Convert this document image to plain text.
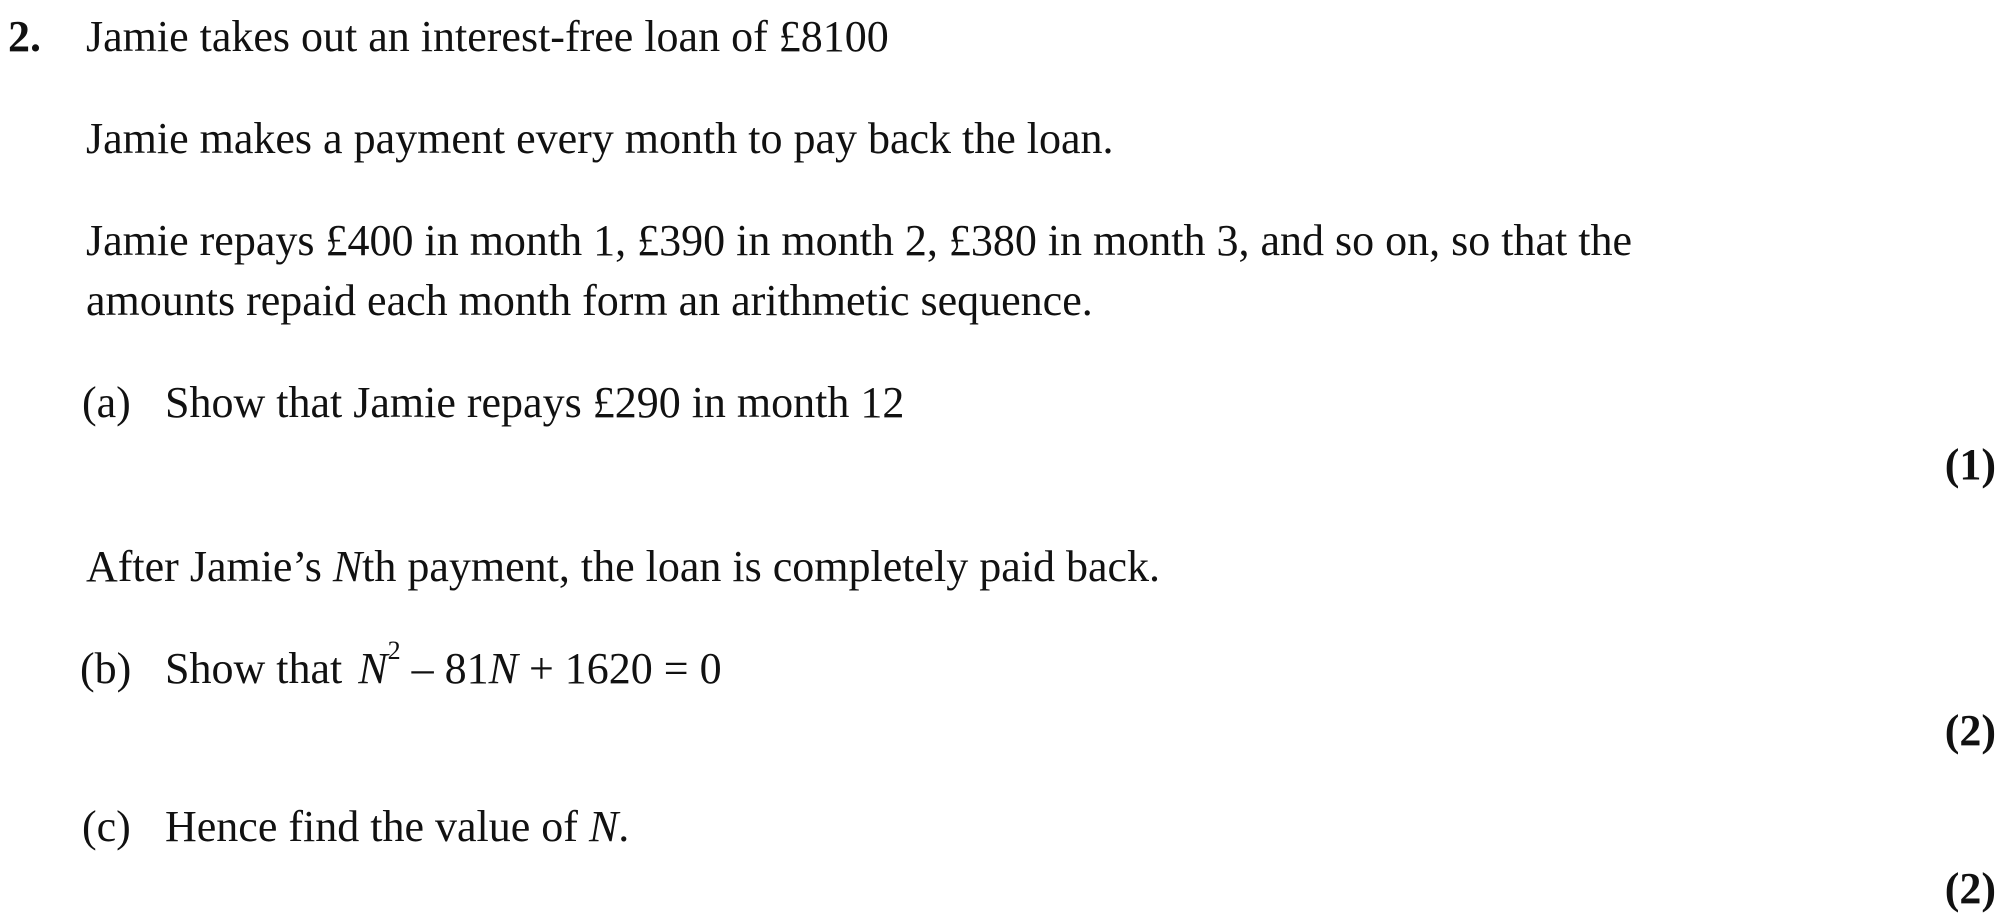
2. Jamie takes out an interest-free loan of £8100
Jamie makes a payment every month to pay back the loan.
Jamie repays £400 in month 1, £390 in month 2, £380 in month 3, and so on, so that the
amounts repaid each month form an arithmetic sequence.
(a) Show that Jamie repays £290 in month 12
(1)
After Jamie’s Nth payment, the loan is completely paid back.
(b) Show that $N^2 - 81N + 1620 = 0$
(2)
(c) Hence find the value of N.
(2)
